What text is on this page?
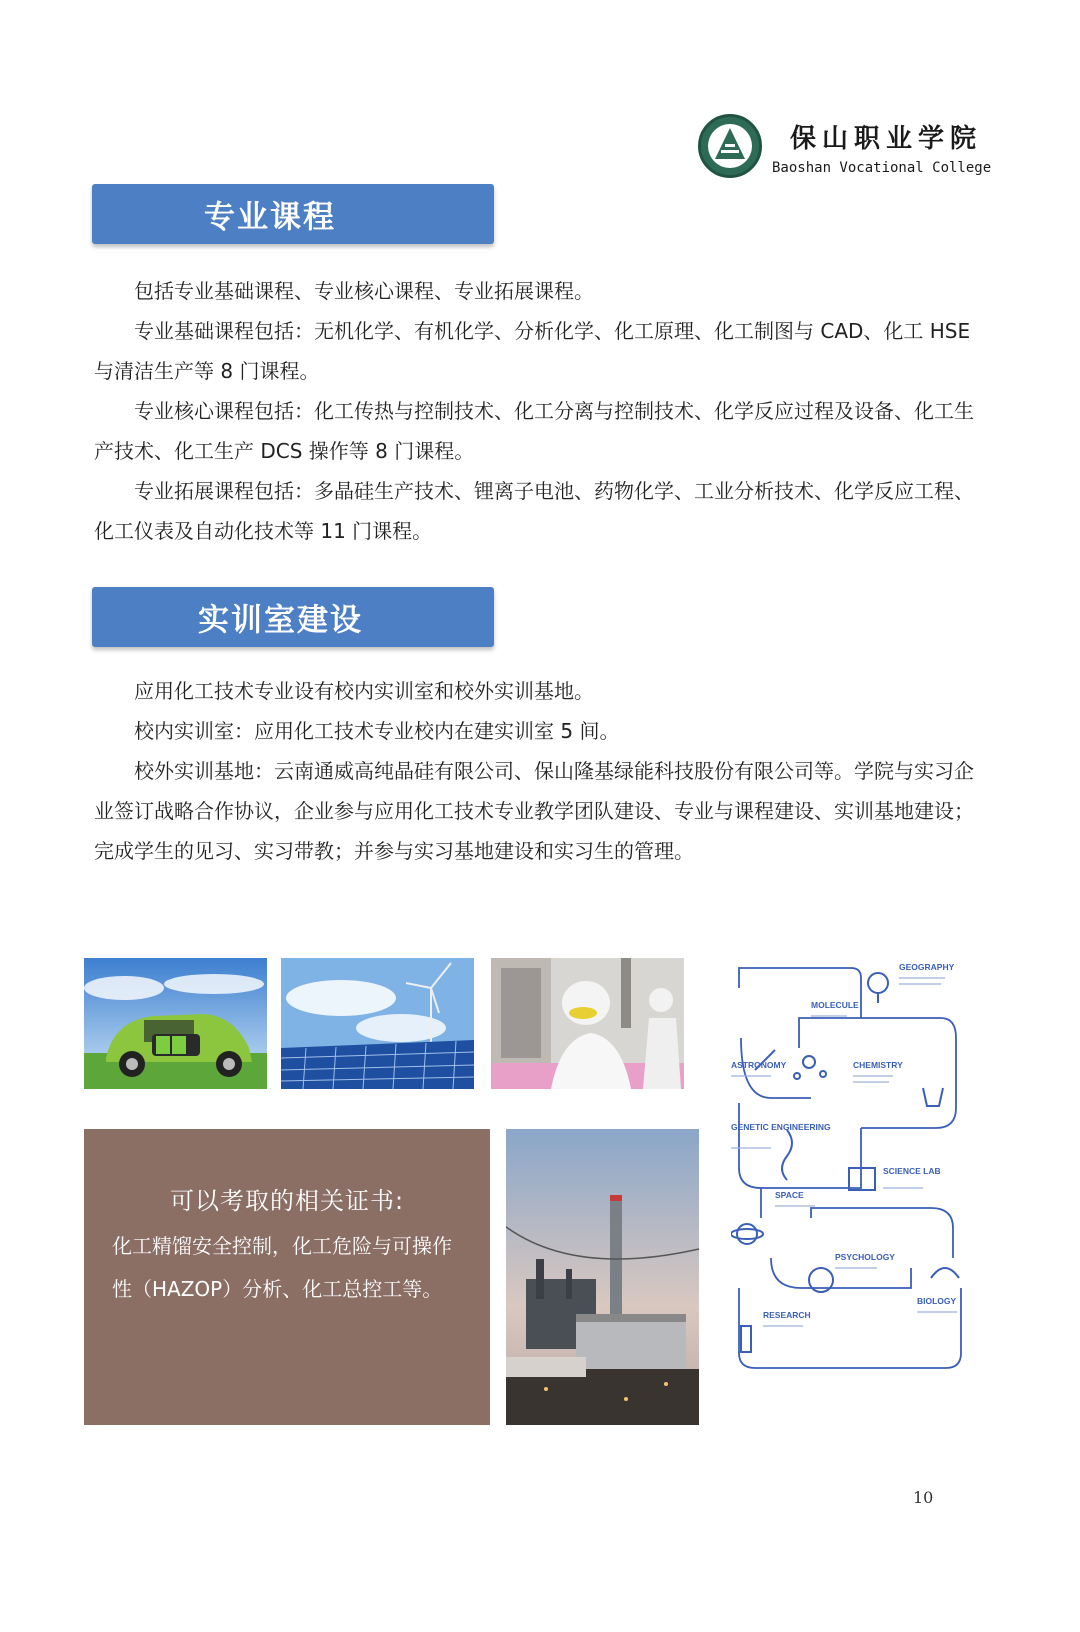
保山职业学院
Baoshan Vocational College
专业课程

包括专业基础课程、专业核心课程、专业拓展课程。

专业基础课程包括：无机化学、有机化学、分析化学、化工原理、化工制图与 CAD、化工 HSE 与清洁生产等 8 门课程。

专业核心课程包括：化工传热与控制技术、化工分离与控制技术、化学反应过程及设备、化工生产技术、化工生产 DCS 操作等 8 门课程。

专业拓展课程包括：多晶硅生产技术、锂离子电池、药物化学、工业分析技术、化学反应工程、化工仪表及自动化技术等 11 门课程。

实训室建设

应用化工技术专业设有校内实训室和校外实训基地。

校内实训室：应用化工技术专业校内在建实训室 5 间。

校外实训基地：云南通威高纯晶硅有限公司、保山隆基绿能科技股份有限公司等。学院与实习企业签订战略合作协议，企业参与应用化工技术专业教学团队建设、专业与课程建设、实训基地建设；完成学生的见习、实习带教；并参与实习基地建设和实习生的管理。

可以考取的相关证书:
化工精馏安全控制，化工危险与可操作性（HAZOP）分析、化工总控工等。
GEOGRAPHY
MOLECULE
ASTRONOMY	CHEMISTRY
GENETIC ENGINEERING
SCIENCE LAB
SPACE
PSYCHOLOGY
BIOLOGY
RESEARCH
10
